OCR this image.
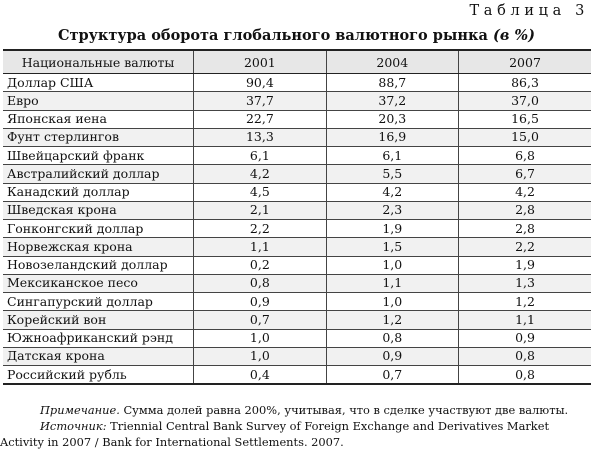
Таблица 3
Структура оборота глобального валютного рынка (в %)
Национальные валюты	2001	2004	2007
Доллар США	90,4	88,7	86,3
Евро	37,7	37,2	37,0
Японская иена	22,7	20,3	16,5
Фунт стерлингов	13,3	16,9	15,0
Швейцарский франк	6,1	6,1	6,8
Австралийский доллар	4,2	5,5	6,7
Канадский доллар	4,5	4,2	4,2
Шведская крона	2,1	2,3	2,8
Гонконгский доллар	2,2	1,9	2,8
Норвежская крона	1,1	1,5	2,2
Новозеландский доллар	0,2	1,0	1,9
Мексиканское песо	0,8	1,1	1,3
Сингапурский доллар	0,9	1,0	1,2
Корейский вон	0,7	1,2	1,1
Южноафриканский рэнд	1,0	0,8	0,9
Датская крона	1,0	0,9	0,8
Российский рубль	0,4	0,7	0,8
Примечание. Сумма долей равна 200%, учитывая, что в сделке участвуют две валюты.
Источник: Triennial Central Bank Survey of Foreign Exchange and Derivatives Market
Activity in 2007 / Bank for International Settlements. 2007.
